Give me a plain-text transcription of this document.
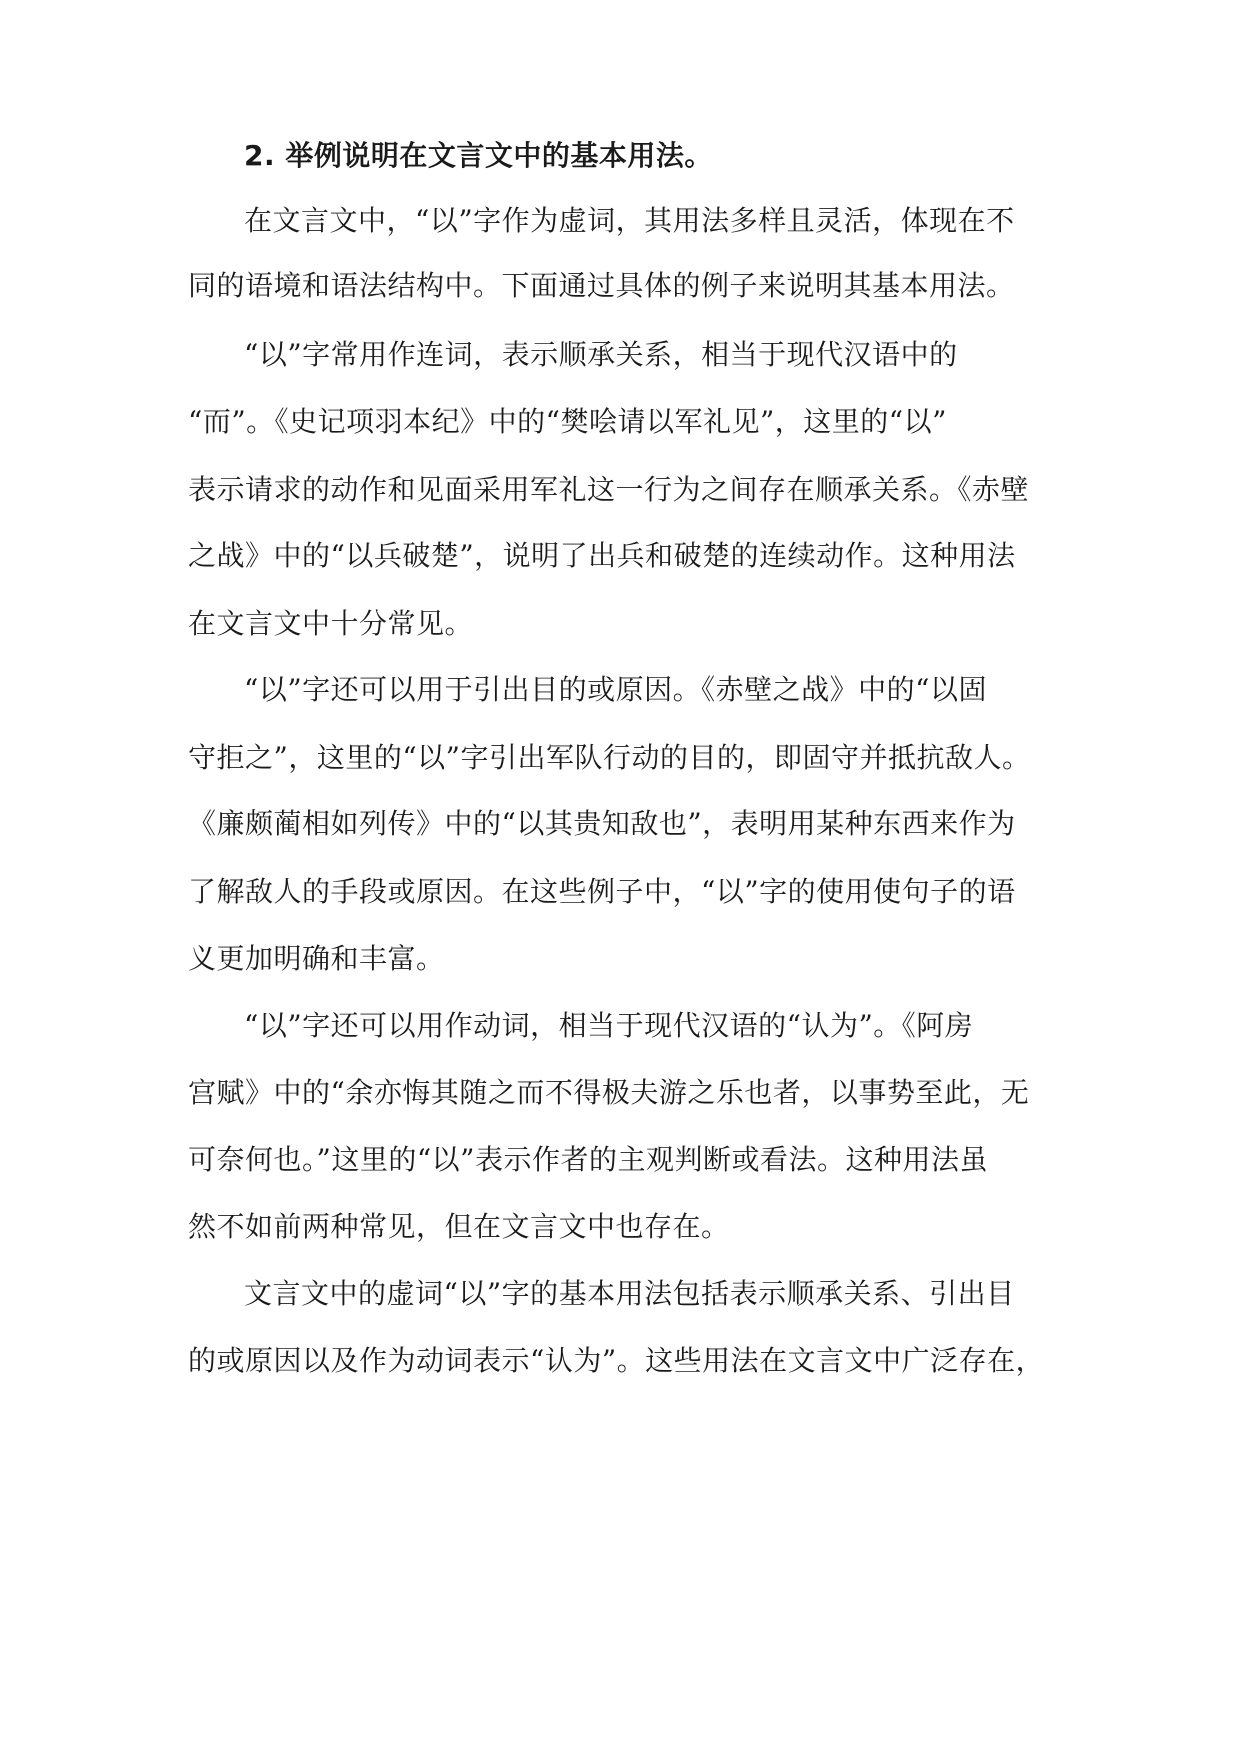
2. 举例说明在文言文中的基本用法。
在文言文中，“以”字作为虚词，其用法多样且灵活，体现在不
同的语境和语法结构中。下面通过具体的例子来说明其基本用法。
“以”字常用作连词，表示顺承关系，相当于现代汉语中的
“而”。《史记项羽本纪》中的“樊哙请以军礼见”，这里的“以”
表示请求的动作和见面采用军礼这一行为之间存在顺承关系。《赤壁
之战》中的“以兵破楚”，说明了出兵和破楚的连续动作。这种用法
在文言文中十分常见。
“以”字还可以用于引出目的或原因。《赤壁之战》中的“以固
守拒之”，这里的“以”字引出军队行动的目的，即固守并抵抗敌人。
《廉颇蔺相如列传》中的“以其贵知敌也”，表明用某种东西来作为
了解敌人的手段或原因。在这些例子中，“以”字的使用使句子的语
义更加明确和丰富。
“以”字还可以用作动词，相当于现代汉语的“认为”。《阿房
宫赋》中的“余亦悔其随之而不得极夫游之乐也者，以事势至此，无
可奈何也。”这里的“以”表示作者的主观判断或看法。这种用法虽
然不如前两种常见，但在文言文中也存在。
文言文中的虚词“以”字的基本用法包括表示顺承关系、引出目
的或原因以及作为动词表示“认为”。这些用法在文言文中广泛存在，
